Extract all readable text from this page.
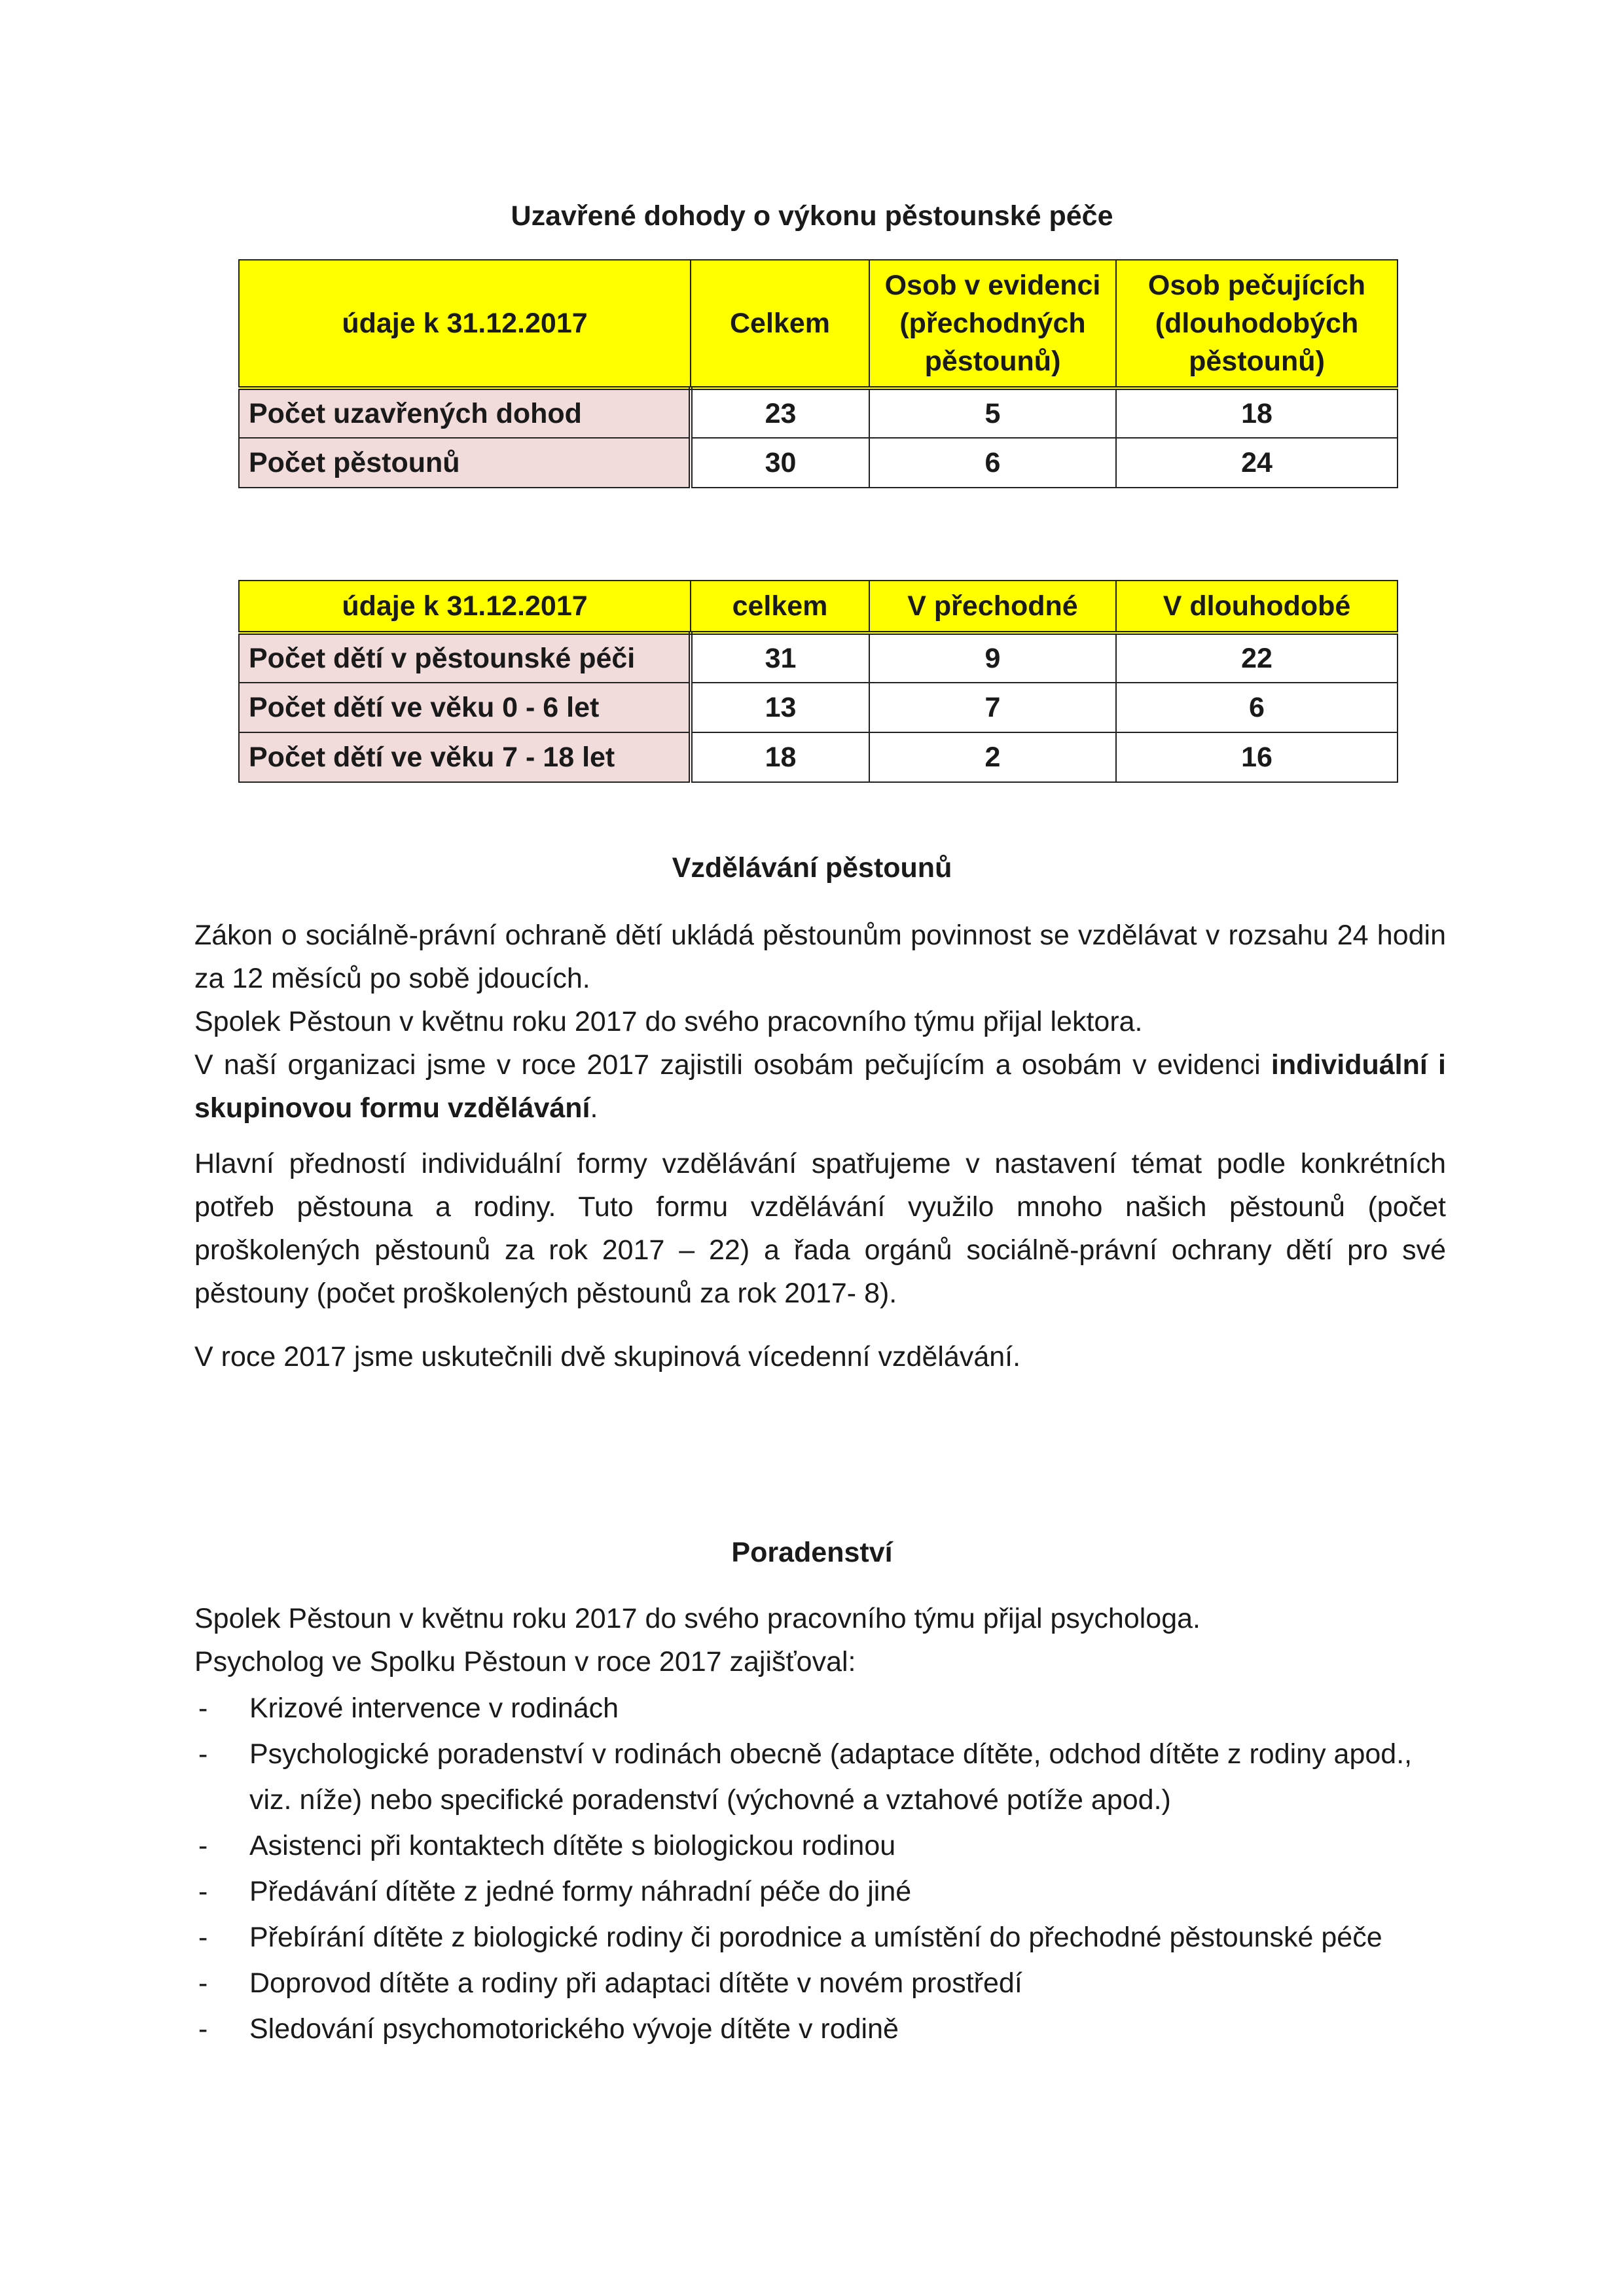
Uzavřené dohody o výkonu pěstounské péče
údaje k 31.12.2017	Celkem	Osob v evidenci (přechodných pěstounů)	Osob pečujících (dlouhodobých pěstounů)
Počet uzavřených dohod	23	5	18
Počet pěstounů	30	6	24
údaje k 31.12.2017	celkem	V přechodné	V dlouhodobé
Počet dětí v pěstounské péči	31	9	22
Počet dětí ve věku 0 - 6 let	13	7	6
Počet dětí ve věku 7 - 18 let	18	2	16
Vzdělávání pěstounů

Zákon o sociálně-právní ochraně dětí ukládá pěstounům povinnost se vzdělávat v rozsahu 24 hodin za 12 měsíců po sobě jdoucích.

Spolek Pěstoun v květnu roku 2017 do svého pracovního týmu přijal lektora.

V naší organizaci jsme v roce 2017 zajistili osobám pečujícím a osobám v evidenci individuální i skupinovou formu vzdělávání.

Hlavní předností individuální formy vzdělávání spatřujeme v nastavení témat podle konkrétních potřeb pěstouna a rodiny. Tuto formu vzdělávání využilo mnoho našich pěstounů (počet proškolených pěstounů za rok 2017 – 22) a řada orgánů sociálně-právní ochrany dětí pro své pěstouny (počet proškolených pěstounů za rok 2017- 8).

V roce 2017 jsme uskutečnili dvě skupinová vícedenní vzdělávání.

Poradenství

Spolek Pěstoun v květnu roku 2017 do svého pracovního týmu přijal psychologa.

Psycholog ve Spolku Pěstoun v roce 2017 zajišťoval:

- Krizové intervence v rodinách
- Psychologické poradenství v rodinách obecně (adaptace dítěte, odchod dítěte z rodiny apod., viz. níže) nebo specifické poradenství (výchovné a vztahové potíže apod.)
- Asistenci při kontaktech dítěte s biologickou rodinou
- Předávání dítěte z jedné formy náhradní péče do jiné
- Přebírání dítěte z biologické rodiny či porodnice a umístění do přechodné pěstounské péče
- Doprovod dítěte a rodiny při adaptaci dítěte v novém prostředí
- Sledování psychomotorického vývoje dítěte v rodině
